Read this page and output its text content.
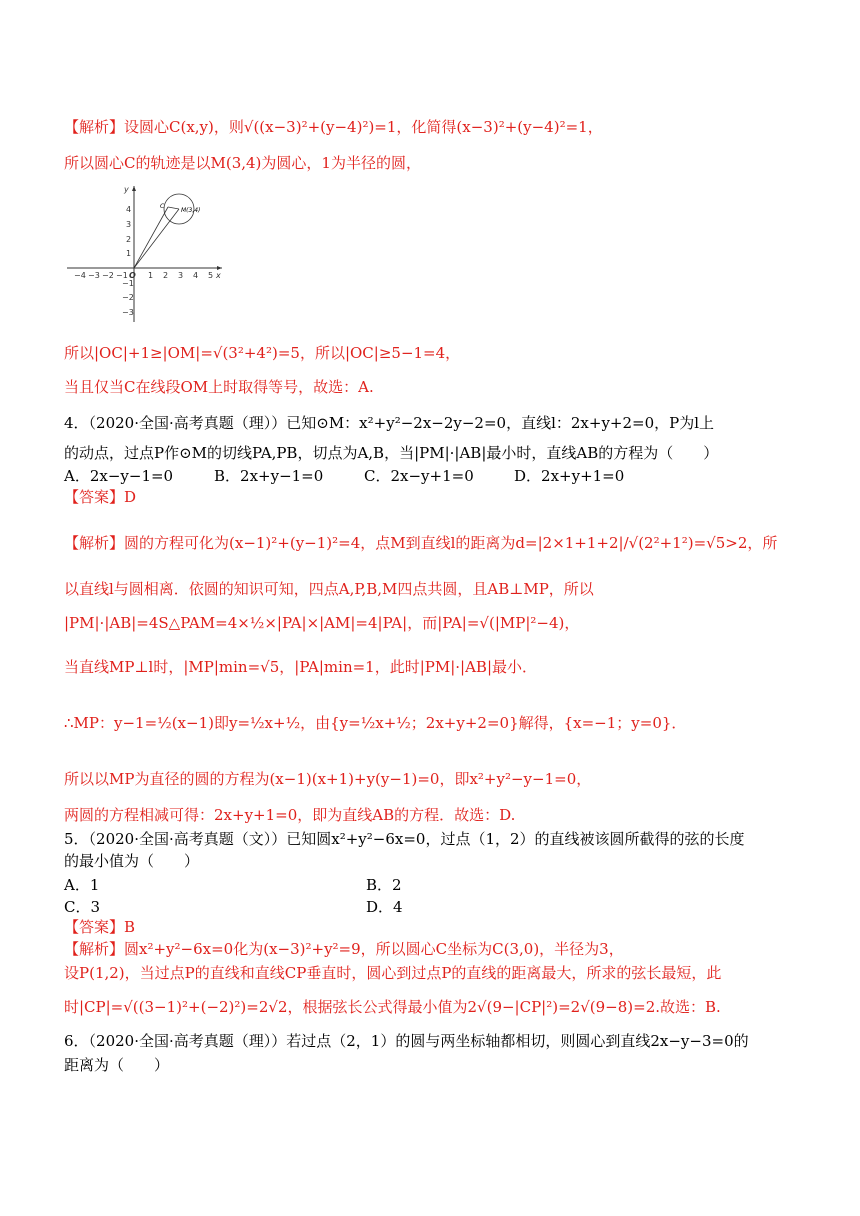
【解析】设圆心C(x,y)，则√((x−3)²+(y−4)²)=1，化简得(x−3)²+(y−4)²=1，
所以圆心C的轨迹是以M(3,4)为圆心，1为半径的圆，
−4 −3 −2 −1 O 1 2 3 4 5 x
y
4
3
2
1
−1
−2
−3
C
M(3,4)
所以|OC|+1≥|OM|=√(3²+4²)=5，所以|OC|≥5−1=4，
当且仅当C在线段OM上时取得等号，故选：A.
4．（2020·全国·高考真题（理））已知⊙M：x²+y²−2x−2y−2=0，直线l：2x+y+2=0，P为l上
的动点，过点P作⊙M的切线PA,PB，切点为A,B，当|PM|·|AB|最小时，直线AB的方程为（　　）
A．2x−y−1=0	B．2x+y−1=0	C．2x−y+1=0	D．2x+y+1=0
【答案】D
【解析】圆的方程可化为(x−1)²+(y−1)²=4，点M到直线l的距离为d=|2×1+1+2|/√(2²+1²)=√5>2，所
以直线l与圆相离．依圆的知识可知，四点A,P,B,M四点共圆，且AB⊥MP，所以
|PM|·|AB|=4S△PAM=4×½×|PA|×|AM|=4|PA|，而|PA|=√(|MP|²−4)，
当直线MP⊥l时，|MP|min=√5，|PA|min=1，此时|PM|·|AB|最小．
∴MP：y−1=½(x−1)即y=½x+½，由{y=½x+½；2x+y+2=0}解得，{x=−1；y=0}．
所以以MP为直径的圆的方程为(x−1)(x+1)+y(y−1)=0，即x²+y²−y−1=0，
两圆的方程相减可得：2x+y+1=0，即为直线AB的方程．故选：D.
5．（2020·全国·高考真题（文））已知圆x²+y²−6x=0，过点（1，2）的直线被该圆所截得的弦的长度
的最小值为（　　）
A．1	B．2
C．3	D．4
【答案】B
【解析】圆x²+y²−6x=0化为(x−3)²+y²=9，所以圆心C坐标为C(3,0)，半径为3，
设P(1,2)，当过点P的直线和直线CP垂直时，圆心到过点P的直线的距离最大，所求的弦长最短，此
时|CP|=√((3−1)²+(−2)²)=2√2，根据弦长公式得最小值为2√(9−|CP|²)=2√(9−8)=2.故选：B.
6．（2020·全国·高考真题（理））若过点（2，1）的圆与两坐标轴都相切，则圆心到直线2x−y−3=0的
距离为（　　）
